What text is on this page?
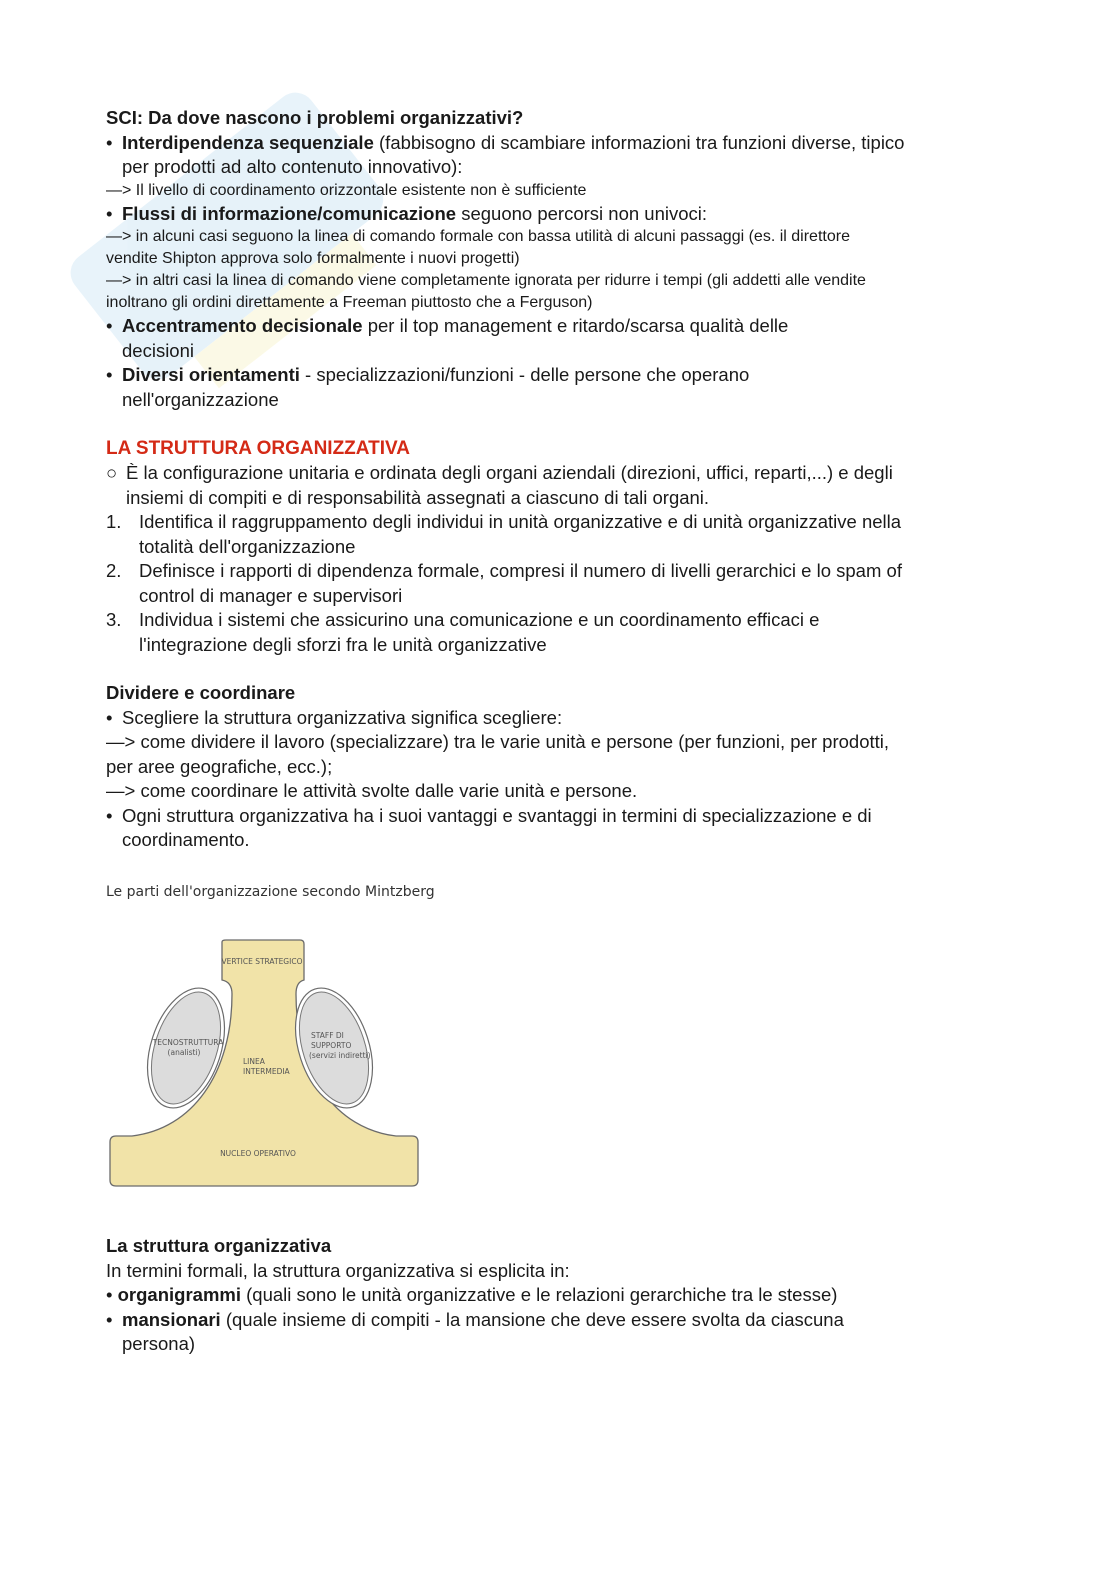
SCI: Da dove nascono i problemi organizzativi?
• Interdipendenza sequenziale (fabbisogno di scambiare informazioni tra funzioni diverse, tipico
per prodotti ad alto contenuto innovativo):
—> Il livello di coordinamento orizzontale esistente non è sufficiente
• Flussi di informazione/comunicazione seguono percorsi non univoci:
—> in alcuni casi seguono la linea di comando formale con bassa utilità di alcuni passaggi (es. il direttore
vendite Shipton approva solo formalmente i nuovi progetti)
—> in altri casi la linea di comando viene completamente ignorata per ridurre i tempi (gli addetti alle vendite
inoltrano gli ordini direttamente a Freeman piuttosto che a Ferguson)
• Accentramento decisionale per il top management e ritardo/scarsa qualità delle
decisioni
• Diversi orientamenti - specializzazioni/funzioni - delle persone che operano
nell'organizzazione
LA STRUTTURA ORGANIZZATIVA
○ È la configurazione unitaria e ordinata degli organi aziendali (direzioni, uffici, reparti,...) e degli
insiemi di compiti e di responsabilità assegnati a ciascuno di tali organi.
1. Identifica il raggruppamento degli individui in unità organizzative e di unità organizzative nella
totalità dell'organizzazione
2. Definisce i rapporti di dipendenza formale, compresi il numero di livelli gerarchici e lo spam of
control di manager e supervisori
3. Individua i sistemi che assicurino una comunicazione e un coordinamento efficaci e
l'integrazione degli sforzi fra le unità organizzative
Dividere e coordinare
• Scegliere la struttura organizzativa significa scegliere:
—> come dividere il lavoro (specializzare) tra le varie unità e persone (per funzioni, per prodotti,
per aree geografiche, ecc.);
—> come coordinare le attività svolte dalle varie unità e persone.
• Ogni struttura organizzativa ha i suoi vantaggi e svantaggi in termini di specializzazione e di
coordinamento.
Le parti dell'organizzazione secondo Mintzberg
VERTICE STRATEGICO
TECNOSTRUTTURA
(analisti)
STAFF DI
SUPPORTO
(servizi indiretti)
LINEA
INTERMEDIA
NUCLEO OPERATIVO
La struttura organizzativa
In termini formali, la struttura organizzativa si esplicita in:
• organigrammi (quali sono le unità organizzative e le relazioni gerarchiche tra le stesse)
• mansionari (quale insieme di compiti - la mansione che deve essere svolta da ciascuna
persona)
